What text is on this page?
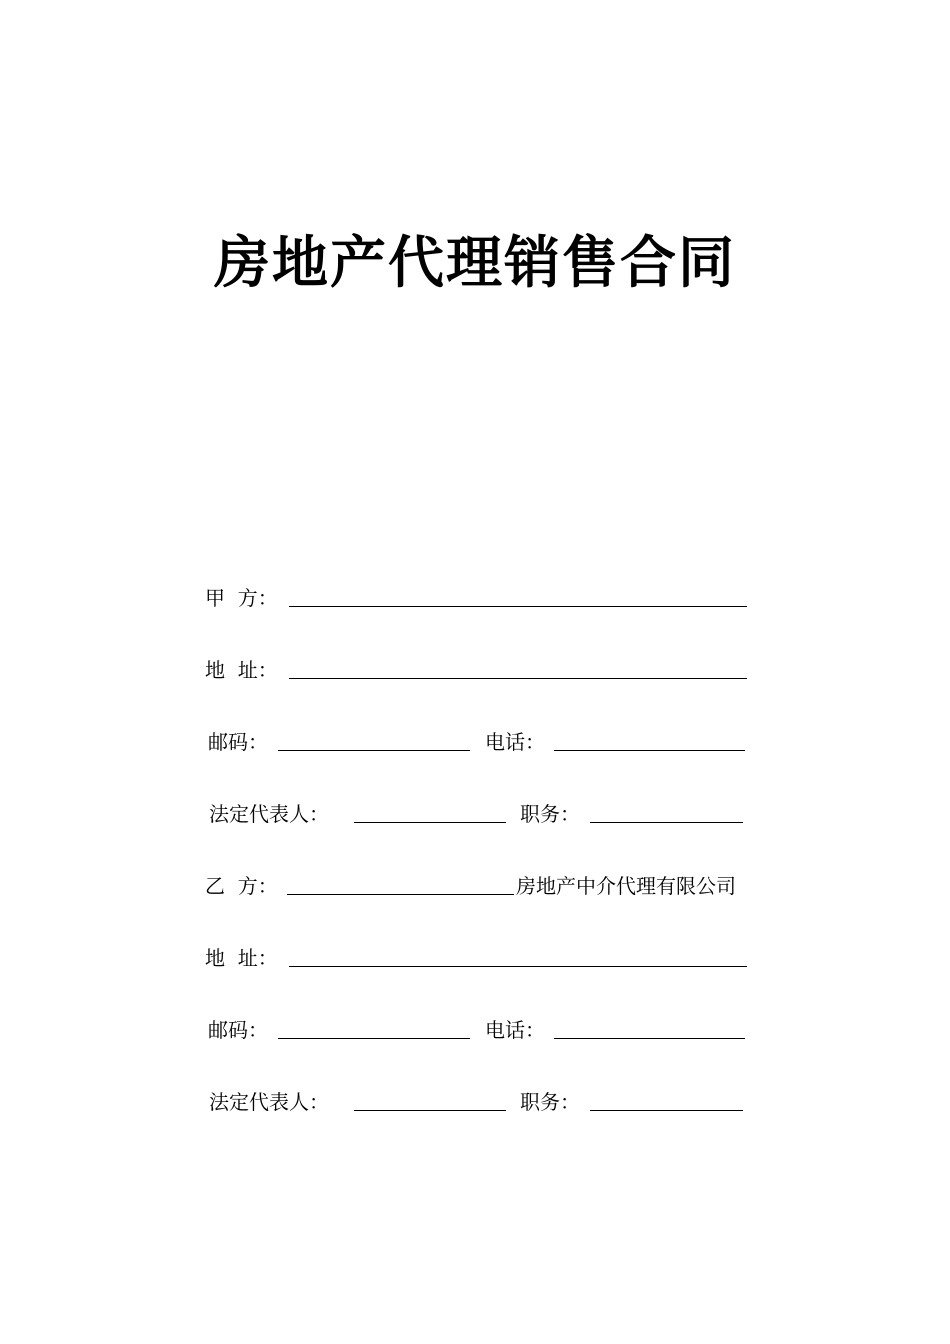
房地产代理销售合同
甲  方：
地  址：
邮码：	电话：
法定代表人：	职务：
乙  方：	房地产中介代理有限公司
地  址：
邮码：	电话：
法定代表人：	职务：
